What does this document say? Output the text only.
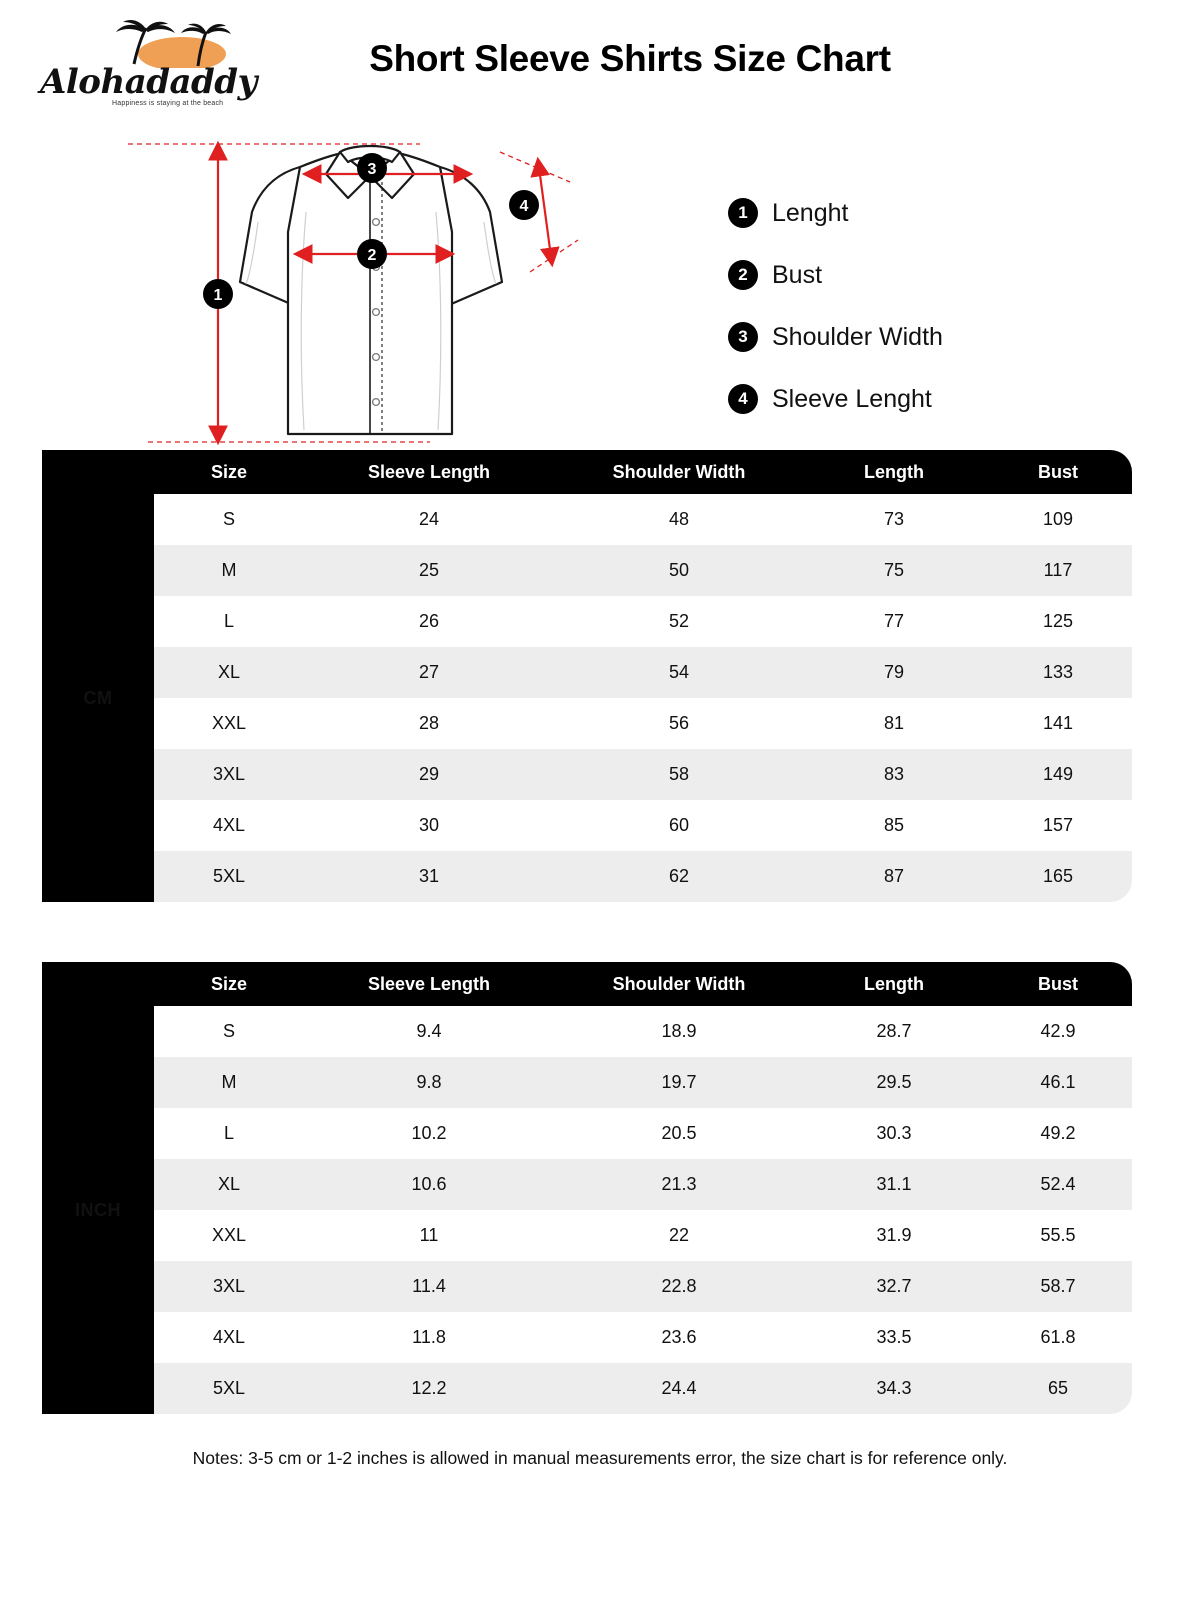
Alohadaddy
Happiness is staying at the beach
Short Sleeve Shirts Size Chart
1
2
3
4	1 Lenght
2 Bust
3 Shoulder Width
4 Sleeve Lenght
	Size	Sleeve Length	Shoulder Width	Length	Bust
CM	S	24	48	73	109
	M	25	50	75	117
	L	26	52	77	125
	XL	27	54	79	133
	XXL	28	56	81	141
	3XL	29	58	83	149
	4XL	30	60	85	157
	5XL	31	62	87	165
	Size	Sleeve Length	Shoulder Width	Length	Bust
INCH	S	9.4	18.9	28.7	42.9
	M	9.8	19.7	29.5	46.1
	L	10.2	20.5	30.3	49.2
	XL	10.6	21.3	31.1	52.4
	XXL	11	22	31.9	55.5
	3XL	11.4	22.8	32.7	58.7
	4XL	11.8	23.6	33.5	61.8
	5XL	12.2	24.4	34.3	65
Notes: 3-5 cm or 1-2 inches is allowed in manual measurements error, the size chart is for reference only.
